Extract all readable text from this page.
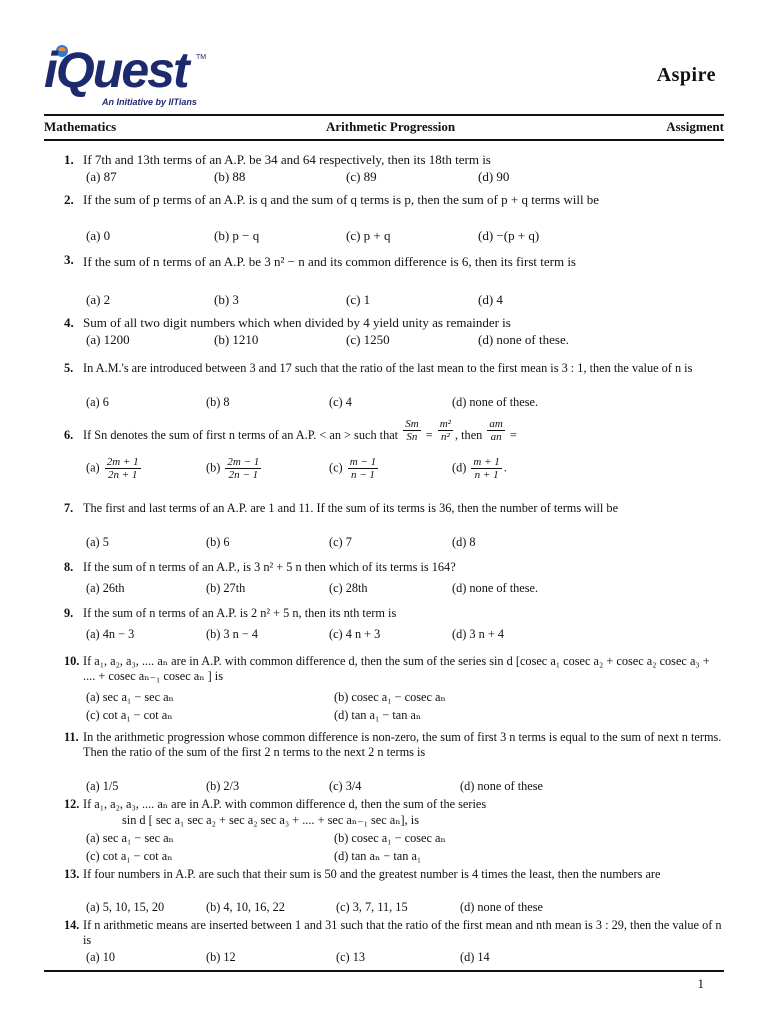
iQuest TM
An Initiative by IITians
Aspire
Mathematics	Arithmetic Progression	Assigment
1. If 7th and 13th terms of an A.P. be 34 and 64 respectively, then its 18th term is
(a) 87	(b) 88	(c) 89	(d) 90
2. If the sum of p terms of an A.P. is q and the sum of q terms is p, then the sum of p + q terms will be
(a) 0	(b) p − q	(c) p + q	(d) −(p + q)
3. If the sum of n terms of an A.P. be 3 n² − n and its common difference is 6, then its first term is
(a) 2	(b) 3	(c) 1	(d) 4
4. Sum of all two digit numbers which when divided by 4 yield unity as remainder is
(a) 1200	(b) 1210	(c) 1250	(d) none of these.
5. In A.M.'s are introduced between 3 and 17 such that the ratio of the last mean to the first mean is 3 : 1, then the value of n is
(a) 6	(b) 8	(c) 4	(d) none of these.
6. If Sn denotes the sum of first n terms of an A.P. < an > such that $\frac{Sm}{Sn} = \frac{\text{m²}}{\text{n²}}$ , then $\frac{am}{an}$ =
$(a) \frac{2m + 1}{2n + 1}$	$(b) \frac{2m - 1}{2n - 1}$	$(c) \frac{m - 1}{n - 1}$	$(d) \frac{m + 1}{n + 1}$ .
7. The first and last terms of an A.P. are 1 and 11. If the sum of its terms is 36, then the number of terms will be
(a) 5	(b) 6	(c) 7	(d) 8
8. If the sum of n terms of an A.P., is 3 n² + 5 n then which of its terms is 164?
(a) 26th	(b) 27th	(c) 28th	(d) none of these.
9. If the sum of n terms of an A.P. is 2 n² + 5 n, then its nth term is
(a) 4n − 3	(b) 3 n − 4	(c) 4 n + 3	(d) 3 n + 4
10. If a₁, a₂, a₃, .... aₙ are in A.P. with common difference d, then the sum of the series sin d [cosec a₁ cosec a₂ + cosec a₂ cosec a₃ + .... + cosec aₙ₋₁ cosec aₙ ] is
(a) sec a₁ − sec aₙ	(b) cosec a₁ − cosec aₙ
(c) cot a₁ − cot aₙ	(d) tan a₁ − tan aₙ
11. In the arithmetic progression whose common difference is non-zero, the sum of first 3 n terms is equal to the sum of next n terms. Then the ratio of the sum of the first 2 n terms to the next 2 n terms is
(a) 1/5	(b) 2/3	(c) 3/4	(d) none of these
12. If a₁, a₂, a₃, .... aₙ are in A.P. with common difference d, then the sum of the series
sin d [ sec a₁ sec a₂ + sec a₂ sec a₃ + .... + sec aₙ₋₁ sec aₙ], is
(a) sec a₁ − sec aₙ	(b) cosec a₁ − cosec aₙ
(c) cot a₁ − cot aₙ	(d) tan aₙ − tan a₁
13. If four numbers in A.P. are such that their sum is 50 and the greatest number is 4 times the least, then the numbers are
(a) 5, 10, 15, 20	(b) 4, 10, 16, 22	(c) 3, 7, 11, 15	(d) none of these
14. If n arithmetic means are inserted between 1 and 31 such that the ratio of the first mean and nth mean is 3 : 29, then the value of n is
(a) 10	(b) 12	(c) 13	(d) 14
1
